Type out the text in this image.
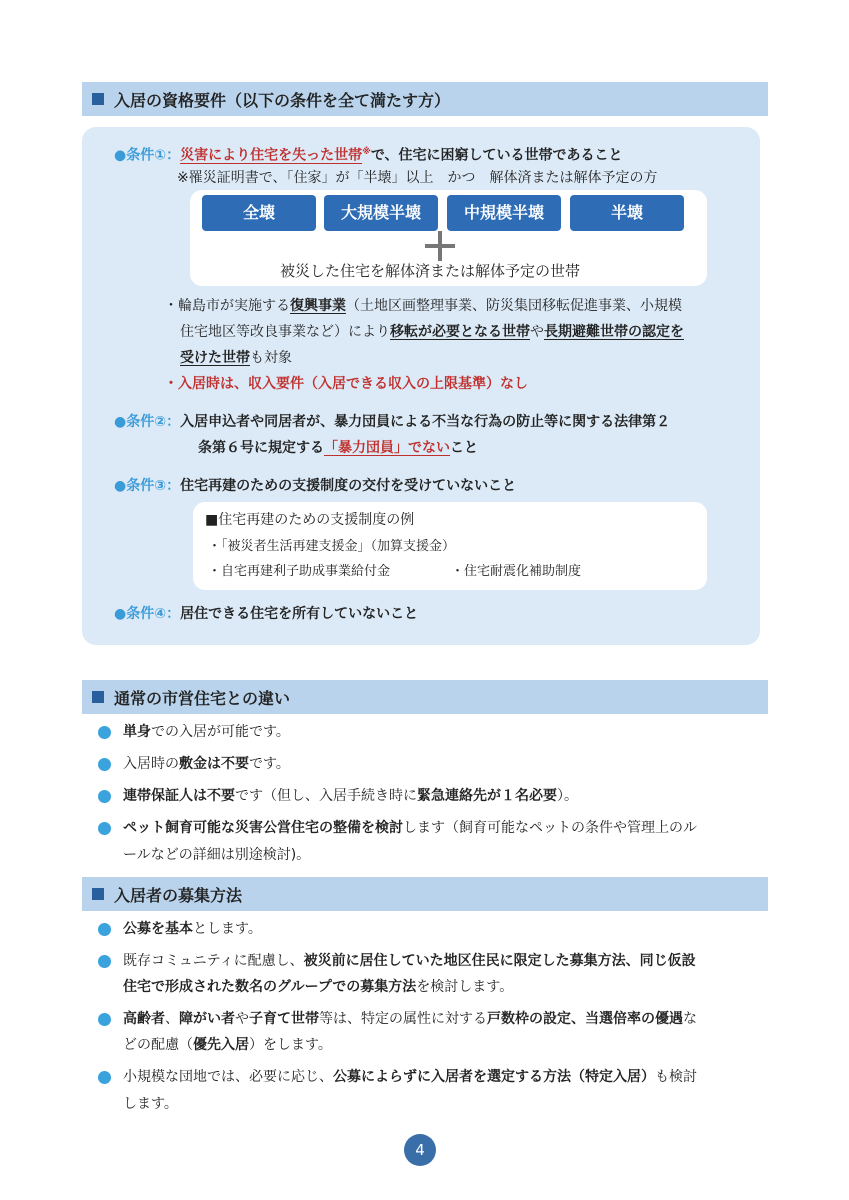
入居の資格要件（以下の条件を全て満たす方）
●条件①：災害により住宅を失った世帯※で、住宅に困窮している世帯であること
※罹災証明書で、「住家」が「半壊」以上　かつ　解体済または解体予定の方
全壊	大規模半壊	中規模半壊	半壊
被災した住宅を解体済または解体予定の世帯
・輪島市が実施する復興事業（土地区画整理事業、防災集団移転促進事業、小規模
住宅地区等改良事業など）により移転が必要となる世帯や長期避難世帯の認定を
受けた世帯も対象
・入居時は、収入要件（入居できる収入の上限基準）なし
●条件②：入居申込者や同居者が、暴力団員による不当な行為の防止等に関する法律第２
条第６号に規定する「暴力団員」でないこと
●条件③：住宅再建のための支援制度の交付を受けていないこと
■住宅再建のための支援制度の例
・「被災者生活再建支援金」（加算支援金）
・自宅再建利子助成事業給付金	・住宅耐震化補助制度
●条件④：居住できる住宅を所有していないこと
通常の市営住宅との違い
単身での入居が可能です。
入居時の敷金は不要です。
連帯保証人は不要です（但し、入居手続き時に緊急連絡先が１名必要）。
ペット飼育可能な災害公営住宅の整備を検討します（飼育可能なペットの条件や管理上のル
ールなどの詳細は別途検討)。
入居者の募集方法
公募を基本とします。
既存コミュニティに配慮し、被災前に居住していた地区住民に限定した募集方法、同じ仮設
住宅で形成された数名のグループでの募集方法を検討します。
高齢者、障がい者や子育て世帯等は、特定の属性に対する戸数枠の設定、当選倍率の優遇な
どの配慮（優先入居）をします。
小規模な団地では、必要に応じ、公募によらずに入居者を選定する方法（特定入居）も検討
します。
4
